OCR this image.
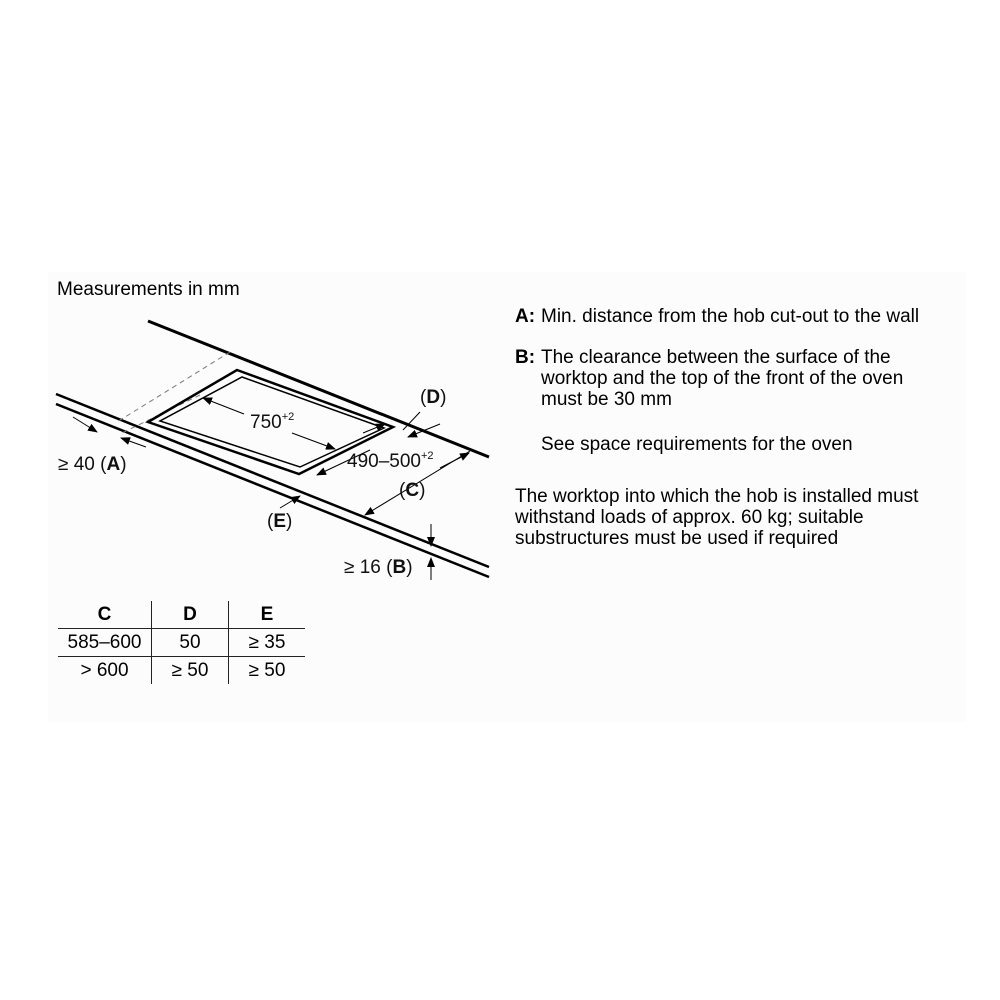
Measurements in mm
$750^{+2}$
$490-500^{+2}$
(D)
(C)
(E)
≥ 40 (A)
≥ 16 (B)
C	D	E
585–600	50	≥ 35
> 600	≥ 50	≥ 50
A: Min. distance from the hob cut-out to the wall
B: The clearance between the surface of the worktop and the top of the front of the oven must be 30 mm
See space requirements for the oven
The worktop into which the hob is installed must withstand loads of approx. 60 kg; suitable substructures must be used if required
